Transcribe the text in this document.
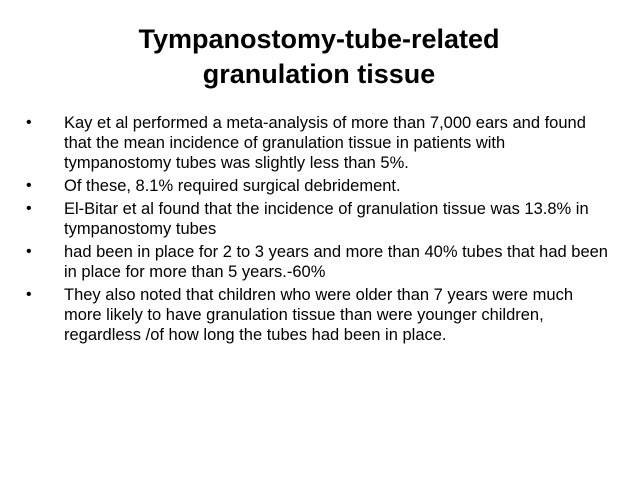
Tympanostomy-tube-related
granulation tissue
• Kay et al performed a meta-analysis of more than 7,000 ears and found that the mean incidence of granulation tissue in patients with tympanostomy tubes was slightly less than 5%.
• Of these, 8.1% required surgical debridement.
• El-Bitar et al found that the incidence of granulation tissue was 13.8% in tympanostomy tubes
• had been in place for 2 to 3 years and more than 40% tubes that had been in place for more than 5 years.-60%
• They also noted that children who were older than 7 years were much more likely to have granulation tissue than were younger children, regardless /of how long the tubes had been in place.
